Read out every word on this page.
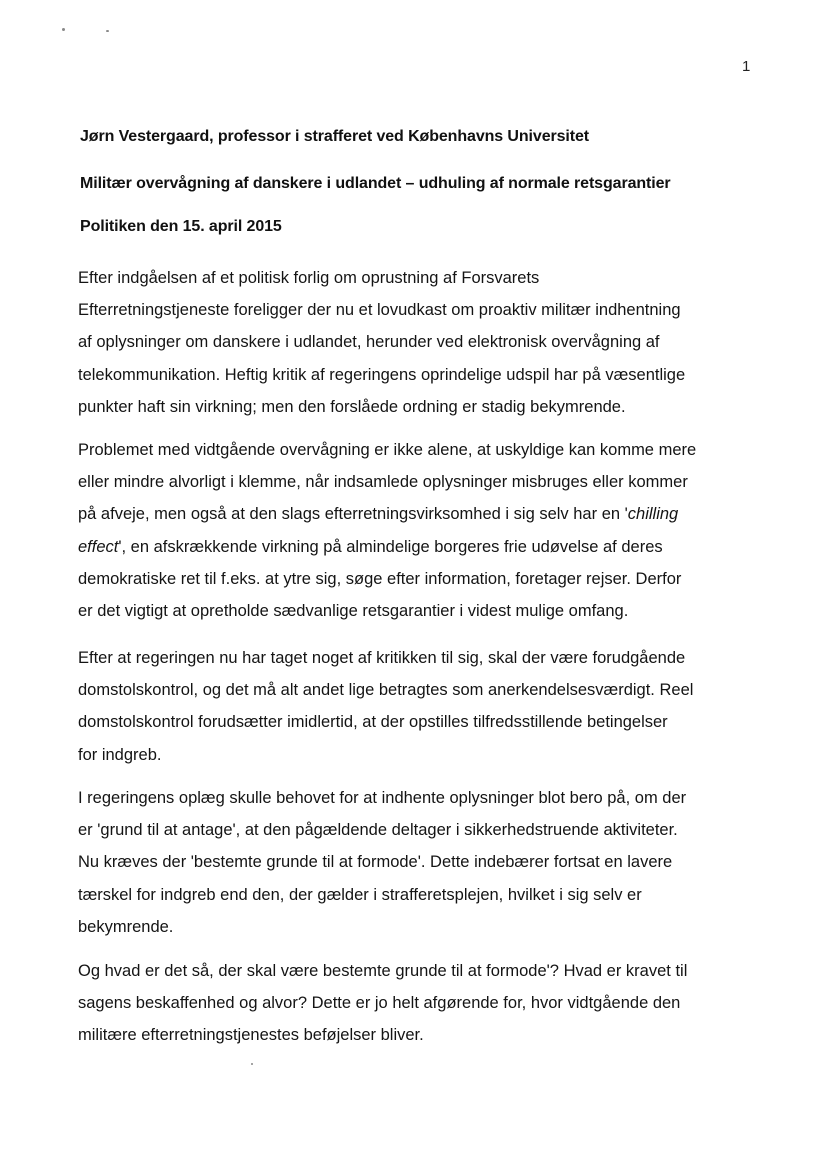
1
Jørn Vestergaard, professor i strafferet ved Københavns Universitet
Militær overvågning af danskere i udlandet – udhuling af normale retsgarantier
Politiken den 15. april 2015

Efter indgåelsen af et politisk forlig om oprustning af Forsvarets
Efterretningstjeneste foreligger der nu et lovudkast om proaktiv militær indhentning
af oplysninger om danskere i udlandet, herunder ved elektronisk overvågning af
telekommunikation. Heftig kritik af regeringens oprindelige udspil har på væsentlige
punkter haft sin virkning; men den forslåede ordning er stadig bekymrende.

Problemet med vidtgående overvågning er ikke alene, at uskyldige kan komme mere
eller mindre alvorligt i klemme, når indsamlede oplysninger misbruges eller kommer
på afveje, men også at den slags efterretningsvirksomhed i sig selv har en 'chilling
effect', en afskrækkende virkning på almindelige borgeres frie udøvelse af deres
demokratiske ret til f.eks. at ytre sig, søge efter information, foretager rejser. Derfor
er det vigtigt at opretholde sædvanlige retsgarantier i videst mulige omfang.

Efter at regeringen nu har taget noget af kritikken til sig, skal der være forudgående
domstolskontrol, og det må alt andet lige betragtes som anerkendelsesværdigt. Reel
domstolskontrol forudsætter imidlertid, at der opstilles tilfredsstillende betingelser
for indgreb.

I regeringens oplæg skulle behovet for at indhente oplysninger blot bero på, om der
er 'grund til at antage', at den pågældende deltager i sikkerhedstruende aktiviteter.
Nu kræves der 'bestemte grunde til at formode'. Dette indebærer fortsat en lavere
tærskel for indgreb end den, der gælder i strafferetsplejen, hvilket i sig selv er
bekymrende.

Og hvad er det så, der skal være bestemte grunde til at formode'? Hvad er kravet til
sagens beskaffenhed og alvor? Dette er jo helt afgørende for, hvor vidtgående den
militære efterretningstjenestes beføjelser bliver.
